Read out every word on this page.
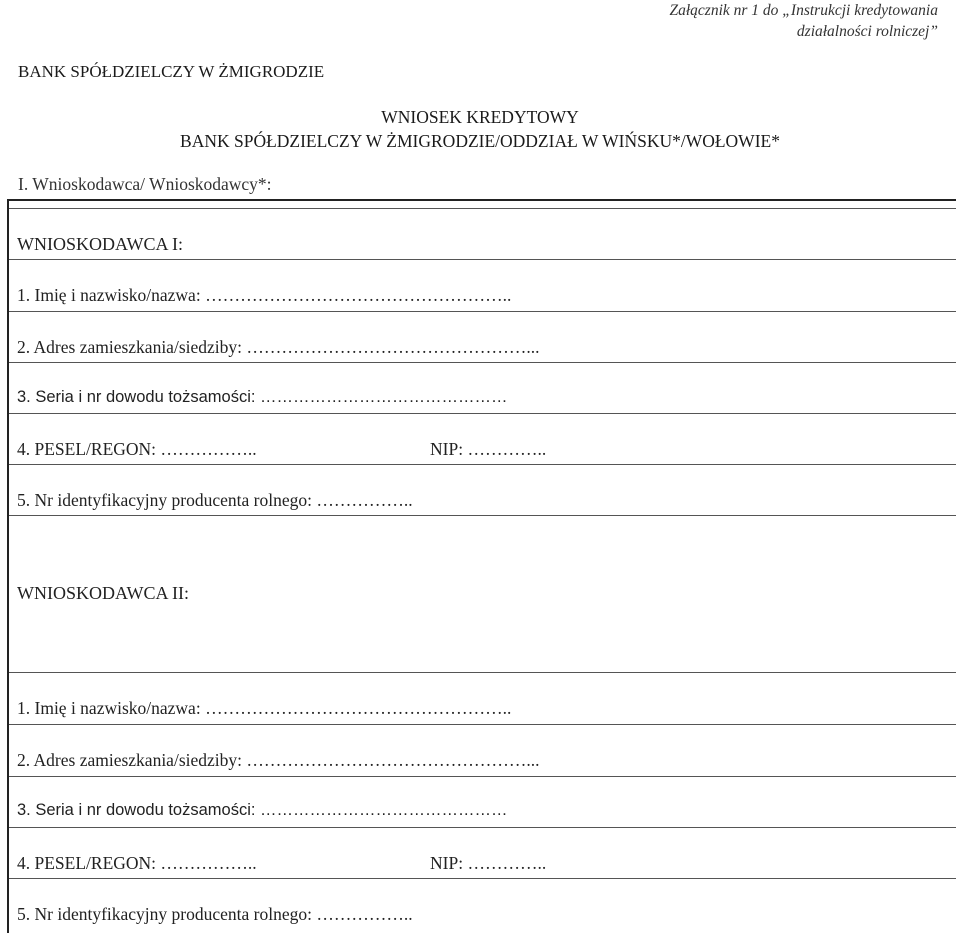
Załącznik nr 1 do „Instrukcji kredytowania
działalności rolniczej”
BANK SPÓŁDZIELCZY W ŻMIGRODZIE
WNIOSEK KREDYTOWY
BANK SPÓŁDZIELCZY W ŻMIGRODZIE/ODDZIAŁ W WIŃSKU*/WOŁOWIE*
I. Wnioskodawca/ Wnioskodawcy*:
WNIOSKODAWCA I:
1. Imię i nazwisko/nazwa: ……………………………………………..
2. Adres zamieszkania/siedziby: …………………………………………...
3. Seria i nr dowodu tożsamości: ………………………………………
4. PESEL/REGON: ……………..	NIP: …………..
5. Nr identyfikacyjny producenta rolnego: ……………..
WNIOSKODAWCA II:
1. Imię i nazwisko/nazwa: ……………………………………………..
2. Adres zamieszkania/siedziby: …………………………………………...
3. Seria i nr dowodu tożsamości: ………………………………………
4. PESEL/REGON: ……………..	NIP: …………..
5. Nr identyfikacyjny producenta rolnego: ……………..
